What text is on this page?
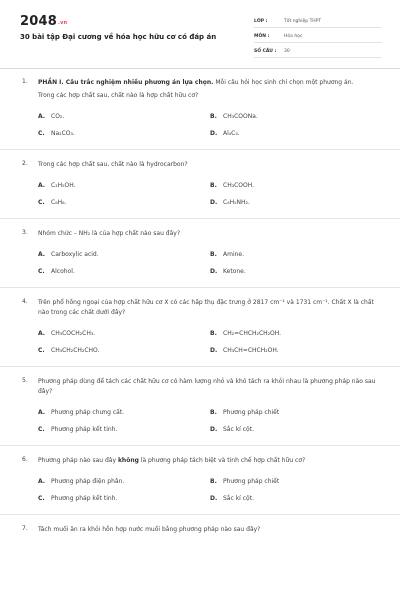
2048.vn
30 bài tập Đại cương về hóa học hữu cơ có đáp án
LỚP :	Tốt nghiệp THPT
MÔN :	Hóa học
SỐ CÂU :	30
1. PHẦN I. Câu trắc nghiệm nhiều phương án lựa chọn. Mỗi câu hỏi học sinh chỉ chọn một phương án.
Trong các hợp chất sau, chất nào là hợp chất hữu cơ?
A. CO₂.	B.	CH₃COONa.
C.	Na₂CO₃.	D. Al₄C₃.
2. Trong các hợp chất sau, chất nào là hydrocarbon?
A. C₂H₅OH.	B.	CH₃COOH.
C.	C₆H₆.	D. C₆H₅NH₂.
3. Nhóm chức – NH₂ là của hợp chất nào sau đây?
A. Carboxylic acid.	B.	Amine.
C.	Alcohol.	D. Ketone.
4. Trên phổ hồng ngoại của hợp chất hữu cơ X có các hấp thụ đặc trưng ở 2817 cm⁻¹ và 1731 cm⁻¹. Chất X là chất nào trong các chất dưới đây?
A. CH₃COCH₂CH₃.	B.	CH₂=CHCH₂CH₂OH.
C.	CH₃CH₂CH₂CHO.	D. CH₃CH=CHCH₂OH.
5. Phương pháp dùng để tách các chất hữu cơ có hàm lượng nhỏ và khó tách ra khỏi nhau là phương pháp nào sau đây?
A. Phương pháp chưng cất.	B.	Phương pháp chiết
C.	Phương pháp kết tinh.	D. Sắc kí cột.
6. Phương pháp nào sau đây không là phương pháp tách biệt và tinh chế hợp chất hữu cơ?
A. Phương pháp điện phân.	B.	Phương pháp chiết
C.	Phương pháp kết tinh.	D. Sắc kí cột.
7. Tách muối ăn ra khỏi hỗn hợp nước muối bằng phương pháp nào sau đây?
